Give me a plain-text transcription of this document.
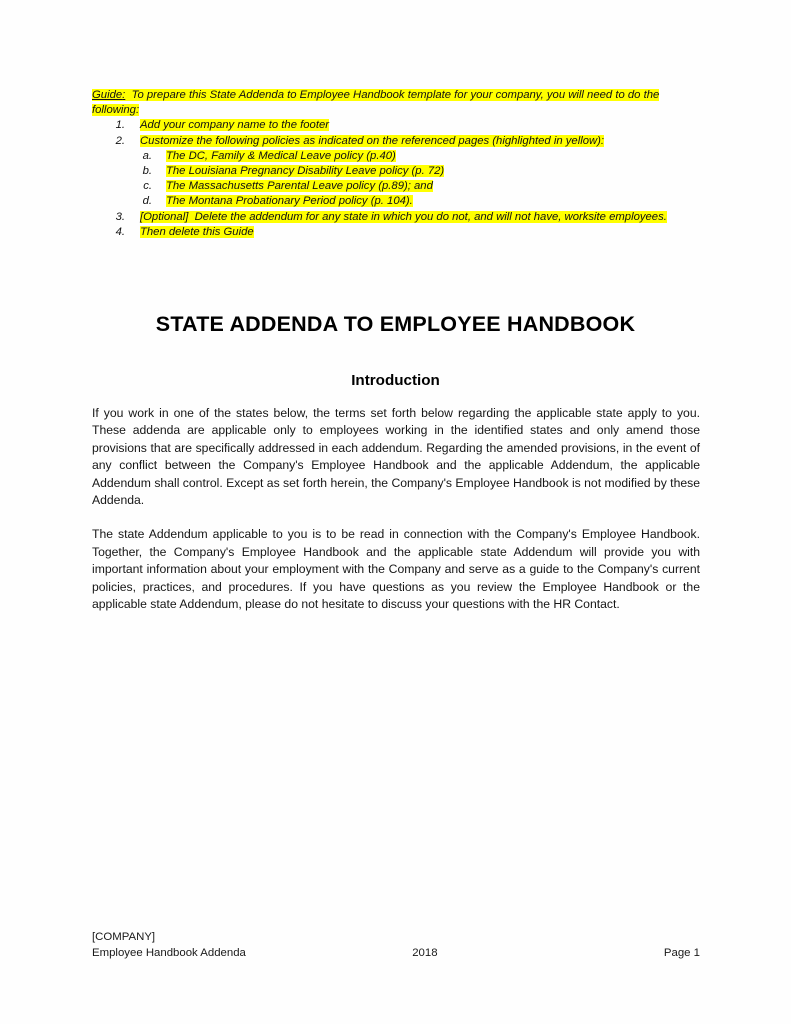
Guide: To prepare this State Addenda to Employee Handbook template for your company, you will need to do the following:

1. Add your company name to the footer
2. Customize the following policies as indicated on the referenced pages (highlighted in yellow):
a. The DC, Family & Medical Leave policy (p.40)
b. The Louisiana Pregnancy Disability Leave policy (p. 72)
c. The Massachusetts Parental Leave policy (p.89); and
d. The Montana Probationary Period policy (p. 104).
3. [Optional] Delete the addendum for any state in which you do not, and will not have, worksite employees.
4. Then delete this Guide
STATE ADDENDA TO EMPLOYEE HANDBOOK
Introduction

If you work in one of the states below, the terms set forth below regarding the applicable state apply to you. These addenda are applicable only to employees working in the identified states and only amend those provisions that are specifically addressed in each addendum. Regarding the amended provisions, in the event of any conflict between the Company's Employee Handbook and the applicable Addendum, the applicable Addendum shall control. Except as set forth herein, the Company's Employee Handbook is not modified by these Addenda.

The state Addendum applicable to you is to be read in connection with the Company's Employee Handbook. Together, the Company's Employee Handbook and the applicable state Addendum will provide you with important information about your employment with the Company and serve as a guide to the Company's current policies, practices, and procedures. If you have questions as you review the Employee Handbook or the applicable state Addendum, please do not hesitate to discuss your questions with the HR Contact.

[COMPANY]
Employee Handbook Addenda	2018	Page 1
